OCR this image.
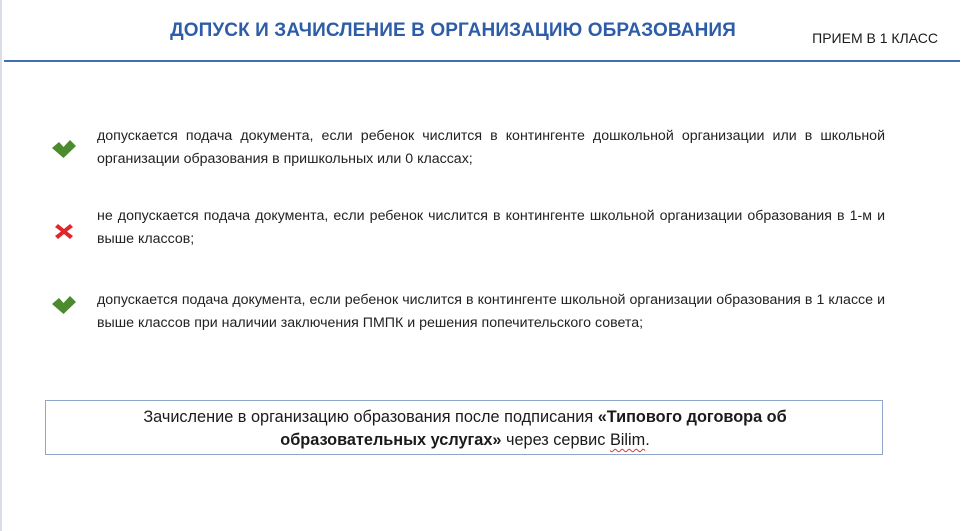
ДОПУСК И ЗАЧИСЛЕНИЕ В ОРГАНИЗАЦИЮ ОБРАЗОВАНИЯ	ПРИЕМ В 1 КЛАСС
допускается подача документа, если ребенок числится в контингенте дошкольной организации или в школьной организации образования в пришкольных или 0 классах;
не допускается подача документа, если ребенок числится в контингенте школьной организации образования в 1-м и выше классов;
допускается подача документа, если ребенок числится в контингенте школьной организации образования в 1 классе и выше классов при наличии заключения ПМПК и решения попечительского совета;
Зачисление в организацию образования после подписания «Типового договора об образовательных услугах» через сервис Bilim.
